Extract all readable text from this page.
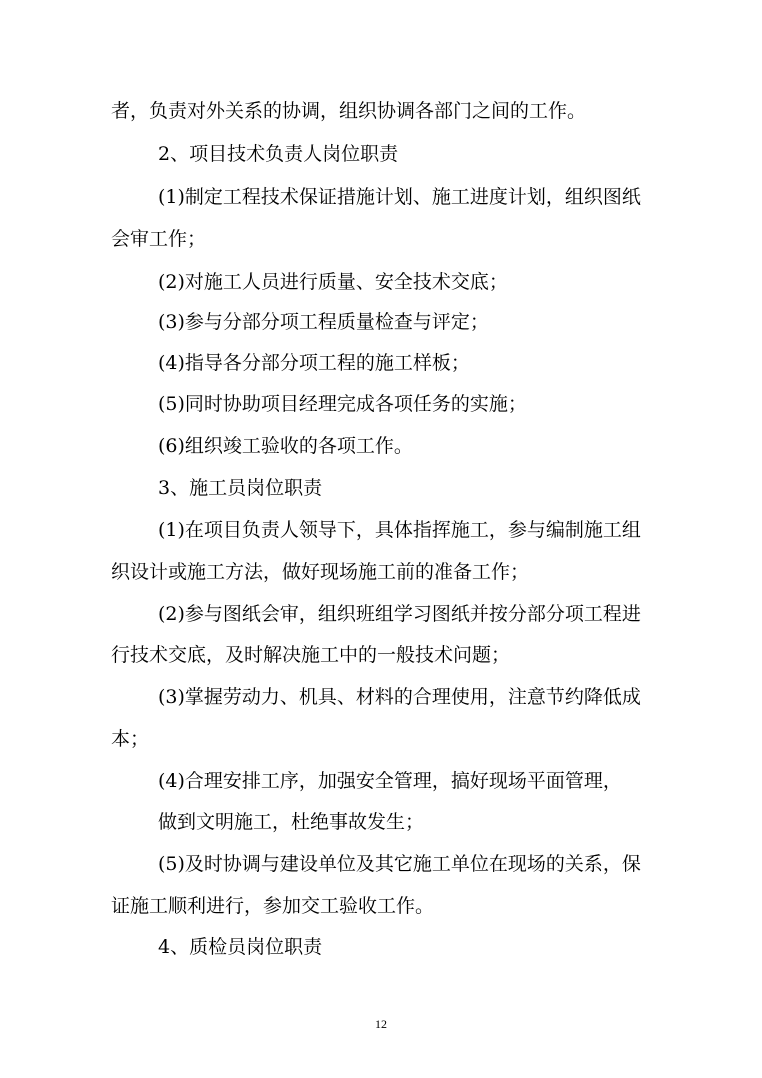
者，负责对外关系的协调，组织协调各部门之间的工作。
2、项目技术负责人岗位职责
(1)制定工程技术保证措施计划、施工进度计划，组织图纸
会审工作；
(2)对施工人员进行质量、安全技术交底；
(3)参与分部分项工程质量检查与评定；
(4)指导各分部分项工程的施工样板；
(5)同时协助项目经理完成各项任务的实施；
(6)组织竣工验收的各项工作。
3、施工员岗位职责
(1)在项目负责人领导下，具体指挥施工，参与编制施工组
织设计或施工方法，做好现场施工前的准备工作；
(2)参与图纸会审，组织班组学习图纸并按分部分项工程进
行技术交底，及时解决施工中的一般技术问题；
(3)掌握劳动力、机具、材料的合理使用，注意节约降低成
本；
(4)合理安排工序，加强安全管理，搞好现场平面管理，
做到文明施工，杜绝事故发生；
(5)及时协调与建设单位及其它施工单位在现场的关系，保
证施工顺利进行，参加交工验收工作。
4、质检员岗位职责
12
